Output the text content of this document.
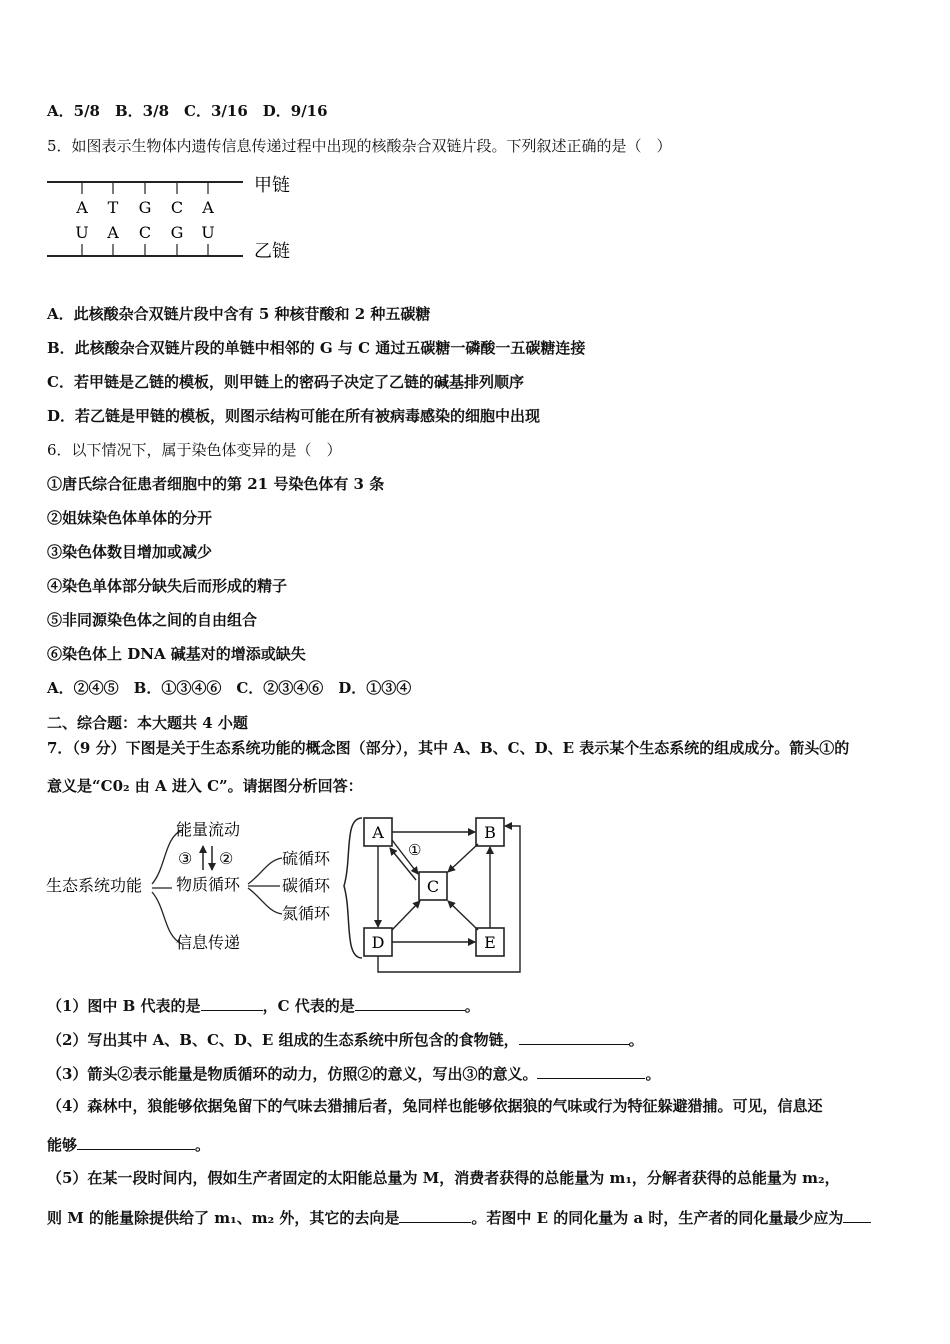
A．5/8　B．3/8　C．3/16　D．9/16
5．如图表示生物体内遗传信息传递过程中出现的核酸杂合双链片段。下列叙述正确的是（　）
A T G C A
U A C G U
甲链
乙链
A．此核酸杂合双链片段中含有 5 种核苷酸和 2 种五碳糖
B．此核酸杂合双链片段的单链中相邻的 G 与 C 通过五碳糖一磷酸一五碳糖连接
C．若甲链是乙链的模板，则甲链上的密码子决定了乙链的碱基排列顺序
D．若乙链是甲链的模板，则图示结构可能在所有被病毒感染的细胞中出现
6．以下情况下，属于染色体变异的是（　）
①唐氏综合征患者细胞中的第 21 号染色体有 3 条
②姐妹染色体单体的分开
③染色体数目增加或减少
④染色单体部分缺失后而形成的精子
⑤非同源染色体之间的自由组合
⑥染色体上 DNA 碱基对的增添或缺失
A．②④⑤　B．①③④⑥　C．②③④⑥　D．①③④
二、综合题：本大题共 4 小题
7．（9 分）下图是关于生态系统功能的概念图（部分），其中 A、B、C、D、E 表示某个生态系统的组成成分。箭头①的
意义是“C0₂ 由 A 进入 C”。请据图分析回答：
生态系统功能
能量流动
物质循环
信息传递
③ ②	硫循环
碳循环
氮循环
A	B
C
D	E
①
（1）图中 B 代表的是	，C 代表的是	。
（2）写出其中 A、B、C、D、E 组成的生态系统中所包含的食物链，	。
（3）箭头②表示能量是物质循环的动力，仿照②的意义，写出③的意义。	。
（4）森林中，狼能够依据兔留下的气味去猎捕后者，兔同样也能够依据狼的气味或行为特征躲避猎捕。可见，信息还
能够	。
（5）在某一段时间内，假如生产者固定的太阳能总量为 M，消费者获得的总能量为 m₁，分解者获得的总能量为 m₂，
则 M 的能量除提供给了 m₁、m₂ 外，其它的去向是	。若图中 E 的同化量为 a 时，生产者的同化量最少应为
